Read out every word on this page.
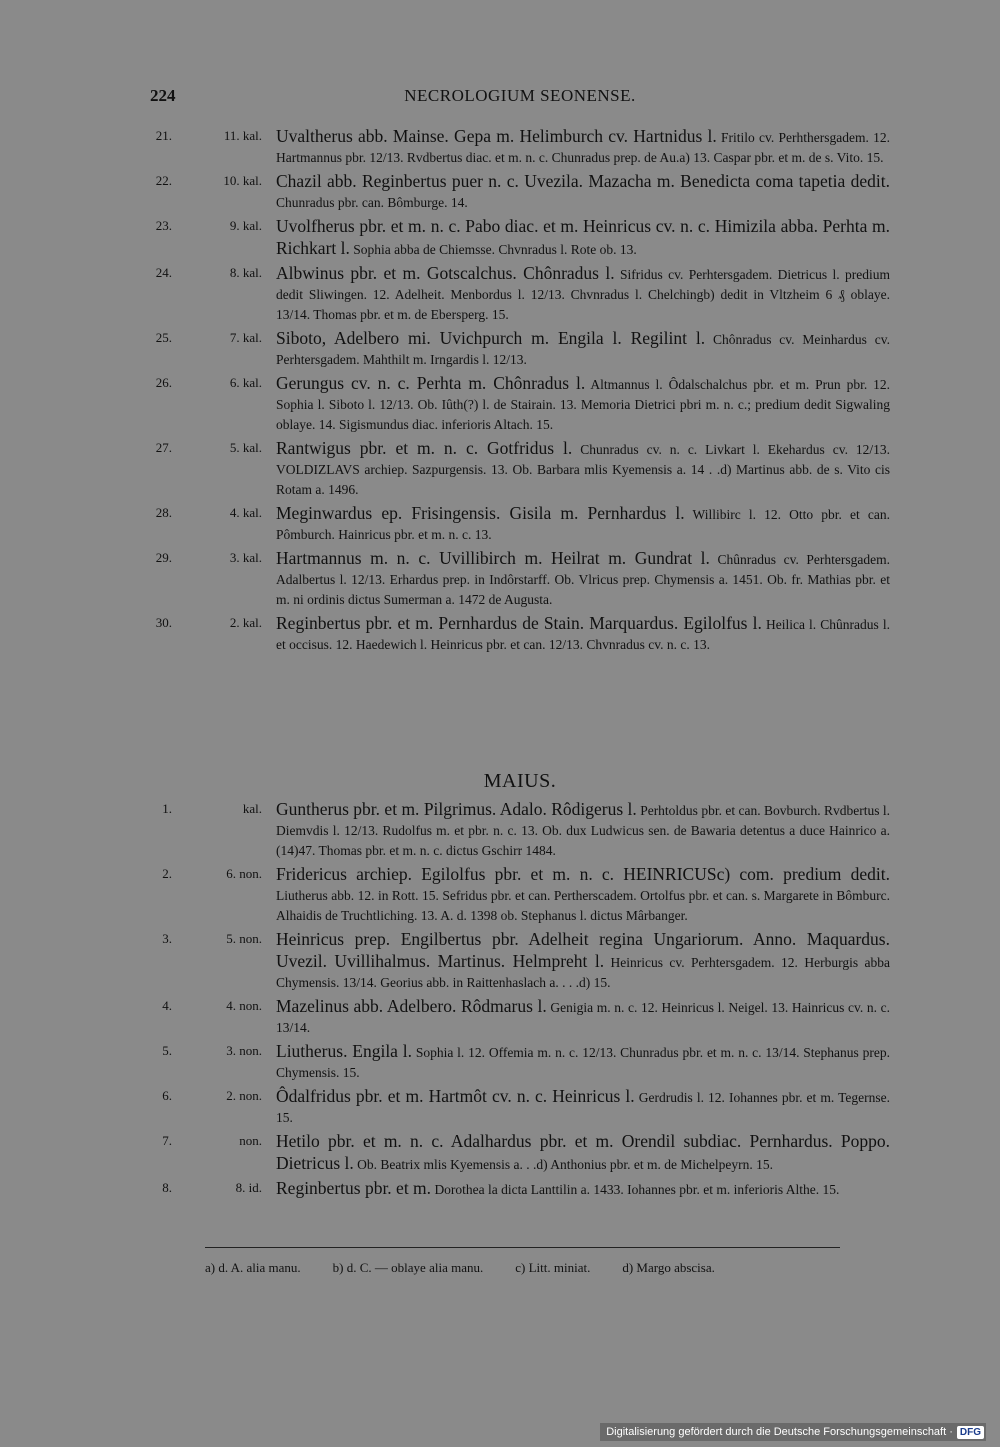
224	NECROLOGIUM SEONENSE.
21.	11. kal. Uvaltherus abb. Mainse. Gepa m. Helimburch cv. Hartnidus l. Fritilo cv. Perhthersgadem. 12. Hartmannus pbr. 12/13. Rvdbertus diac. et m. n. c. Chunradus prep. de Au.a) 13. Caspar pbr. et m. de s. Vito. 15.
22.	10. kal. Chazil abb. Reginbertus puer n. c. Uvezila. Mazacha m. Benedicta coma tapetia dedit. Chunradus pbr. can. Bômburge. 14.
23.	9. kal. Uvolfherus pbr. et m. n. c. Pabo diac. et m. Heinricus cv. n. c. Himizila abba. Perhta m. Richkart l. Sophia abba de Chiemsse. Chvnradus l. Rote ob. 13.
24.	8. kal. Albwinus pbr. et m. Gotscalchus. Chônradus l. Sifridus cv. Perhtersgadem. Dietricus l. predium dedit Sliwingen. 12. Adelheit. Menbordus l. 12/13. Chvnradus l. Chelchingb) dedit in Vltzheim 6 ₰ oblaye. 13/14. Thomas pbr. et m. de Ebersperg. 15.
25.	7. kal. Siboto, Adelbero mi. Uvichpurch m. Engila l. Regilint l. Chônradus cv. Meinhardus cv. Perhtersgadem. Mahthilt m. Irngardis l. 12/13.
26.	6. kal. Gerungus cv. n. c. Perhta m. Chônradus l. Altmannus l. Ôdalschalchus pbr. et m. Prun pbr. 12. Sophia l. Siboto l. 12/13. Ob. Iûth(?) l. de Stairain. 13. Memoria Dietrici pbri m. n. c.; predium dedit Sigwaling oblaye. 14. Sigismundus diac. inferioris Altach. 15.
27.	5. kal. Rantwigus pbr. et m. n. c. Gotfridus l. Chunradus cv. n. c. Livkart l. Ekehardus cv. 12/13. VOLDIZLAVS archiep. Sazpurgensis. 13. Ob. Barbara mlis Kyemensis a. 14 . .d) Martinus abb. de s. Vito cis Rotam a. 1496.
28.	4. kal. Meginwardus ep. Frisingensis. Gisila m. Pernhardus l. Willibirc l. 12. Otto pbr. et can. Pômburch. Hainricus pbr. et m. n. c. 13.
29.	3. kal. Hartmannus m. n. c. Uvillibirch m. Heilrat m. Gundrat l. Chûnradus cv. Perhtersgadem. Adalbertus l. 12/13. Erhardus prep. in Indôrstarff. Ob. Vlricus prep. Chymensis a. 1451. Ob. fr. Mathias pbr. et m. ni ordinis dictus Sumerman a. 1472 de Augusta.
30.	2. kal. Reginbertus pbr. et m. Pernhardus de Stain. Marquardus. Egilolfus l. Heilica l. Chûnradus l. et occisus. 12. Haedewich l. Heinricus pbr. et can. 12/13. Chvnradus cv. n. c. 13.
MAIUS.
1.	kal. Guntherus pbr. et m. Pilgrimus. Adalo. Rôdigerus l. Perhtoldus pbr. et can. Bovburch. Rvdbertus l. Diemvdis l. 12/13. Rudolfus m. et pbr. n. c. 13. Ob. dux Ludwicus sen. de Bawaria detentus a duce Hainrico a. (14)47. Thomas pbr. et m. n. c. dictus Gschirr 1484.
2.	6. non. Fridericus archiep. Egilolfus pbr. et m. n. c. HEINRICUSc) com. predium dedit. Liutherus abb. 12. in Rott. 15. Sefridus pbr. et can. Pertherscadem. Ortolfus pbr. et can. s. Margarete in Bômburc. Alhaidis de Truchtliching. 13. A. d. 1398 ob. Stephanus l. dictus Mârbanger.
3.	5. non. Heinricus prep. Engilbertus pbr. Adelheit regina Ungariorum. Anno. Maquardus. Uvezil. Uvillihalmus. Martinus. Helmpreht l. Heinricus cv. Perhtersgadem. 12. Herburgis abba Chymensis. 13/14. Georius abb. in Raittenhaslach a. . . .d) 15.
4.	4. non. Mazelinus abb. Adelbero. Rôdmarus l. Genigia m. n. c. 12. Heinricus l. Neigel. 13. Hainricus cv. n. c. 13/14.
5.	3. non. Liutherus. Engila l. Sophia l. 12. Offemia m. n. c. 12/13. Chunradus pbr. et m. n. c. 13/14. Stephanus prep. Chymensis. 15.
6.	2. non. Ôdalfridus pbr. et m. Hartmôt cv. n. c. Heinricus l. Gerdrudis l. 12. Iohannes pbr. et m. Tegernse. 15.
7.	non. Hetilo pbr. et m. n. c. Adalhardus pbr. et m. Orendil subdiac. Pernhardus. Poppo. Dietricus l. Ob. Beatrix mlis Kyemensis a. . .d) Anthonius pbr. et m. de Michelpeyrn. 15.
8.	8. id. Reginbertus pbr. et m. Dorothea la dicta Lanttilin a. 1433. Iohannes pbr. et m. inferioris Althe. 15.
a) d. A. alia manu. b) d. C. — oblaye alia manu. c) Litt. miniat. d) Margo abscisa.
Digitalisierung gefördert durch die Deutsche Forschungsgemeinschaft · DFG
